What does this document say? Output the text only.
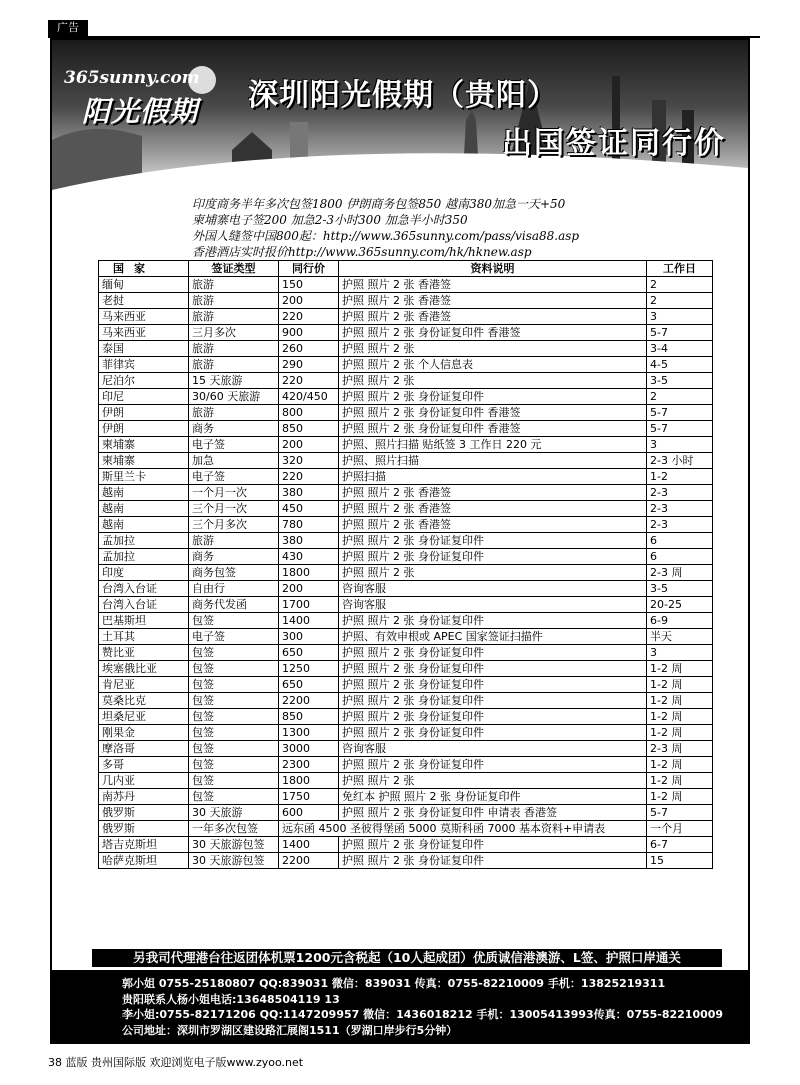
广告
365sunny.com
阳光假期 深圳阳光假期（贵阳）
出国签证同行价
印度商务半年多次包签1800 伊朗商务包签850 越南380加急一天+50
柬埔寨电子签200 加急2-3小时300 加急半小时350
外国人缝签中国800起：http://www.365sunny.com/pass/visa88.asp
香港酒店实时报价http://www.365sunny.com/hk/hknew.asp
国家	签证类型	同行价	资料说明	工作日
缅甸	旅游	150	护照 照片 2 张 香港签	2
老挝	旅游	200	护照 照片 2 张 香港签	2
马来西亚	旅游	220	护照 照片 2 张 香港签	3
马来西亚	三月多次	900	护照 照片 2 张 身份证复印件 香港签	5-7
泰国	旅游	260	护照 照片 2 张	3-4
菲律宾	旅游	290	护照 照片 2 张 个人信息表	4-5
尼泊尔	15 天旅游	220	护照 照片 2 张	3-5
印尼	30/60 天旅游	420/450	护照 照片 2 张 身份证复印件	2
伊朗	旅游	800	护照 照片 2 张 身份证复印件 香港签	5-7
伊朗	商务	850	护照 照片 2 张 身份证复印件 香港签	5-7
柬埔寨	电子签	200	护照、照片扫描 贴纸签 3 工作日 220 元	3
柬埔寨	加急	320	护照、照片扫描	2-3 小时
斯里兰卡	电子签	220	护照扫描	1-2
越南	一个月一次	380	护照 照片 2 张 香港签	2-3
越南	三个月一次	450	护照 照片 2 张 香港签	2-3
越南	三个月多次	780	护照 照片 2 张 香港签	2-3
孟加拉	旅游	380	护照 照片 2 张 身份证复印件	6
孟加拉	商务	430	护照 照片 2 张 身份证复印件	6
印度	商务包签	1800	护照 照片 2 张	2-3 周
台湾入台证	自由行	200	咨询客服	3-5
台湾入台证	商务代发函	1700	咨询客服	20-25
巴基斯坦	包签	1400	护照 照片 2 张 身份证复印件	6-9
土耳其	电子签	300	护照、有效申根或 APEC 国家签证扫描件	半天
赞比亚	包签	650	护照 照片 2 张 身份证复印件	3
埃塞俄比亚	包签	1250	护照 照片 2 张 身份证复印件	1-2 周
肯尼亚	包签	650	护照 照片 2 张 身份证复印件	1-2 周
莫桑比克	包签	2200	护照 照片 2 张 身份证复印件	1-2 周
坦桑尼亚	包签	850	护照 照片 2 张 身份证复印件	1-2 周
刚果金	包签	1300	护照 照片 2 张 身份证复印件	1-2 周
摩洛哥	包签	3000	咨询客服	2-3 周
多哥	包签	2300	护照 照片 2 张 身份证复印件	1-2 周
几内亚	包签	1800	护照 照片 2 张	1-2 周
南苏丹	包签	1750	免红本 护照 照片 2 张 身份证复印件	1-2 周
俄罗斯	30 天旅游	600	护照 照片 2 张 身份证复印件 申请表 香港签	5-7
俄罗斯	一年多次包签	远东函 4500 圣彼得堡函 5000 莫斯科函 7000 基本资料+申请表		一个月
塔吉克斯坦	30 天旅游包签	1400	护照 照片 2 张 身份证复印件	6-7
哈萨克斯坦	30 天旅游包签	2200	护照 照片 2 张 身份证复印件	15
另我司代理港台往返团体机票1200元含税起（10人起成团）优质诚信港澳游、L签、护照口岸通关
郭小姐 0755-25180807 QQ:839031 微信：839031 传真：0755-82210009 手机：13825219311
贵阳联系人杨小姐电话:13648504119 13
李小姐:0755-82171206 QQ:1147209957 微信：1436018212 手机：13005413993传真：0755-82210009
公司地址：深圳市罗湖区建设路汇展阁1511（罗湖口岸步行5分钟）
38 蓝版 贵州国际版 欢迎浏览电子版www.zyoo.net
